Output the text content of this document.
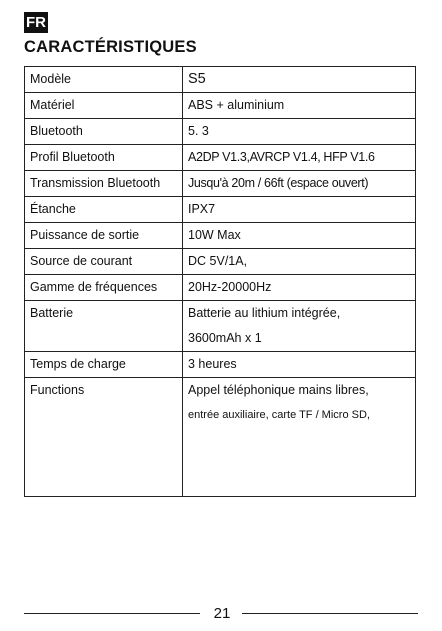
FR
CARACTÉRISTIQUES
Modèle	S5
Matériel	ABS + aluminium
Bluetooth	5. 3
Profil Bluetooth	A2DP V1.3,AVRCP V1.4, HFP V1.6
Transmission Bluetooth	Jusqu'à 20m / 66ft (espace ouvert)
Étanche	IPX7
Puissance de sortie	10W Max
Source de courant	DC 5V/1A,
Gamme de fréquences	20Hz-20000Hz
Batterie	Batterie au lithium intégrée,
3600mAh x 1

Temps de charge	3 heures
Functions	Appel téléphonique mains libres,
entrée auxiliaire, carte TF / Micro SD,
21
